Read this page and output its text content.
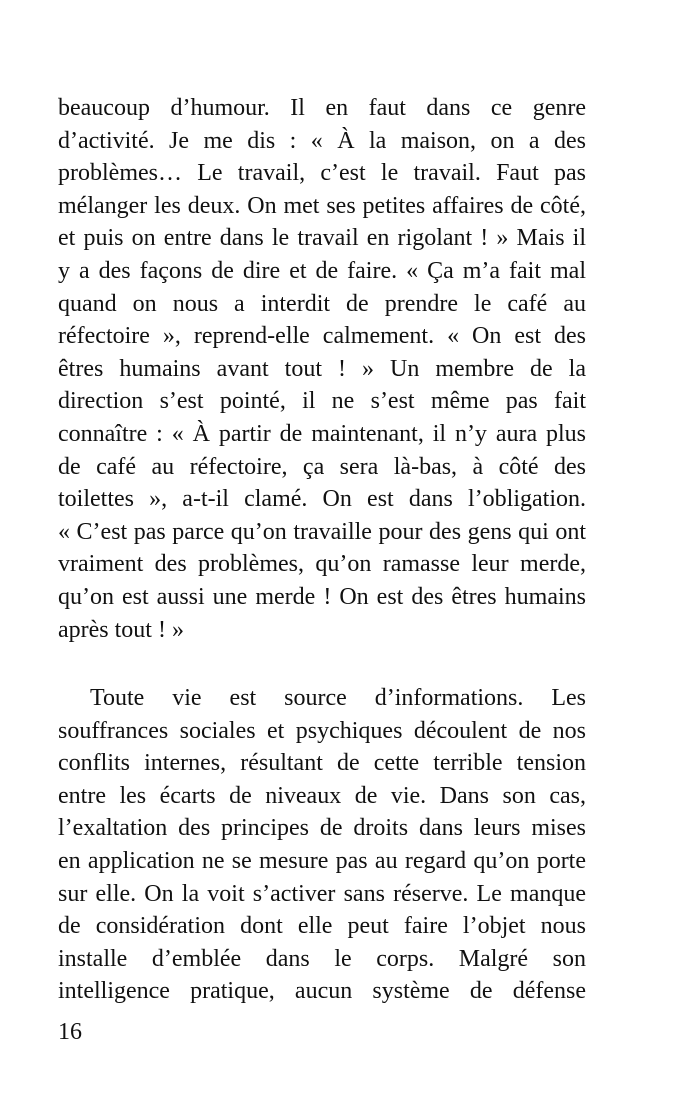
beaucoup d’humour. Il en faut dans ce genre
d’activité. Je me dis : « À la maison, on a des
problèmes… Le travail, c’est le travail. Faut pas
mélanger les deux. On met ses petites affaires de côté,
et puis on entre dans le travail en rigolant ! » Mais il
y a des façons de dire et de faire. « Ça m’a fait mal
quand on nous a interdit de prendre le café au
réfectoire », reprend-elle calmement. « On est des
êtres humains avant tout ! » Un membre de la
direction s’est pointé, il ne s’est même pas fait
connaître : « À partir de maintenant, il n’y aura plus
de café au réfectoire, ça sera là-bas, à côté des
toilettes », a-t-il clamé. On est dans l’obligation.
« C’est pas parce qu’on travaille pour des gens qui ont
vraiment des problèmes, qu’on ramasse leur merde,
qu’on est aussi une merde ! On est des êtres humains
après tout ! »
Toute vie est source d’informations. Les
souffrances sociales et psychiques découlent de nos
conflits internes, résultant de cette terrible tension
entre les écarts de niveaux de vie. Dans son cas,
l’exaltation des principes de droits dans leurs mises
en application ne se mesure pas au regard qu’on porte
sur elle. On la voit s’activer sans réserve. Le manque
de considération dont elle peut faire l’objet nous
installe d’emblée dans le corps. Malgré son
intelligence pratique, aucun système de défense
16
